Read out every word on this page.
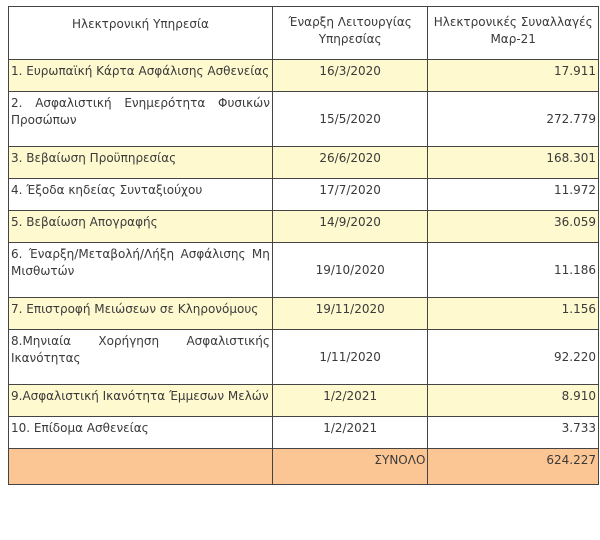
Ηλεκτρονική Υπηρεσία	Έναρξη Λειτουργίας Υπηρεσίας	Ηλεκτρονικές Συναλλαγές Μαρ-21

1. Ευρωπαϊκή Κάρτα Ασφάλισης Ασθενείας	16/3/2020	17.911
2. Ασφαλιστική Ενημερότητα Φυσικών Προσώπων	15/5/2020	272.779
3. Βεβαίωση Προϋπηρεσίας	26/6/2020	168.301
4. Έξοδα κηδείας Συνταξιούχου	17/7/2020	11.972
5. Βεβαίωση Απογραφής	14/9/2020	36.059
6. Έναρξη/Μεταβολή/Λήξη Ασφάλισης Μη Μισθωτών	19/10/2020	11.186
7. Επιστροφή Μειώσεων σε Κληρονόμους	19/11/2020	1.156
8.Μηνιαία Χορήγηση Ασφαλιστικής Ικανότητας	1/11/2020	92.220
9.Ασφαλιστική Ικανότητα Έμμεσων Μελών	1/2/2021	8.910
10. Επίδομα Ασθενείας	1/2/2021	3.733
	ΣΥΝΟΛΟ	624.227
